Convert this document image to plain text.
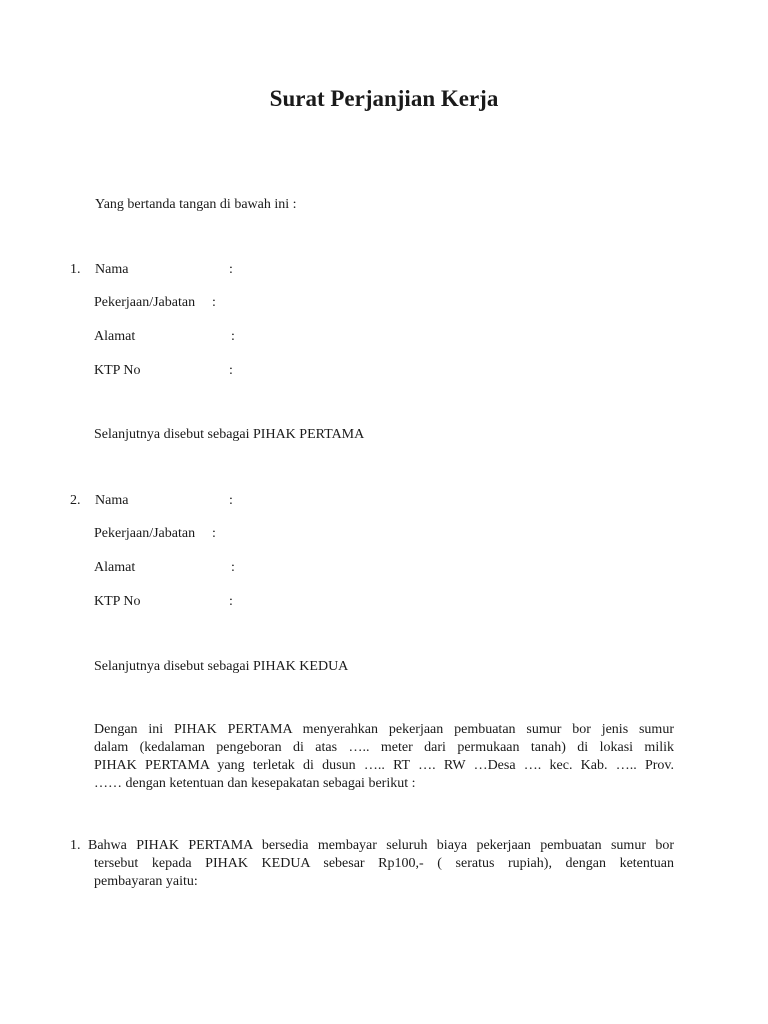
Surat Perjanjian Kerja
Yang bertanda tangan di bawah ini :
1. Nama	:
Pekerjaan/Jabatan :
Alamat	:
KTP No	:
Selanjutnya disebut sebagai PIHAK PERTAMA
2. Nama	:
Pekerjaan/Jabatan :
Alamat	:
KTP No	:
Selanjutnya disebut sebagai PIHAK KEDUA
Dengan ini PIHAK PERTAMA menyerahkan pekerjaan pembuatan sumur bor jenis sumur
dalam (kedalaman pengeboran di atas ….. meter dari permukaan tanah) di lokasi milik
PIHAK PERTAMA yang terletak di dusun ….. RT …. RW …Desa …. kec. Kab. ….. Prov.
…… dengan ketentuan dan kesepakatan sebagai berikut :
1. Bahwa PIHAK PERTAMA bersedia membayar seluruh biaya pekerjaan pembuatan sumur bor
tersebut kepada PIHAK KEDUA sebesar Rp100,- ( seratus rupiah), dengan ketentuan
pembayaran yaitu:
